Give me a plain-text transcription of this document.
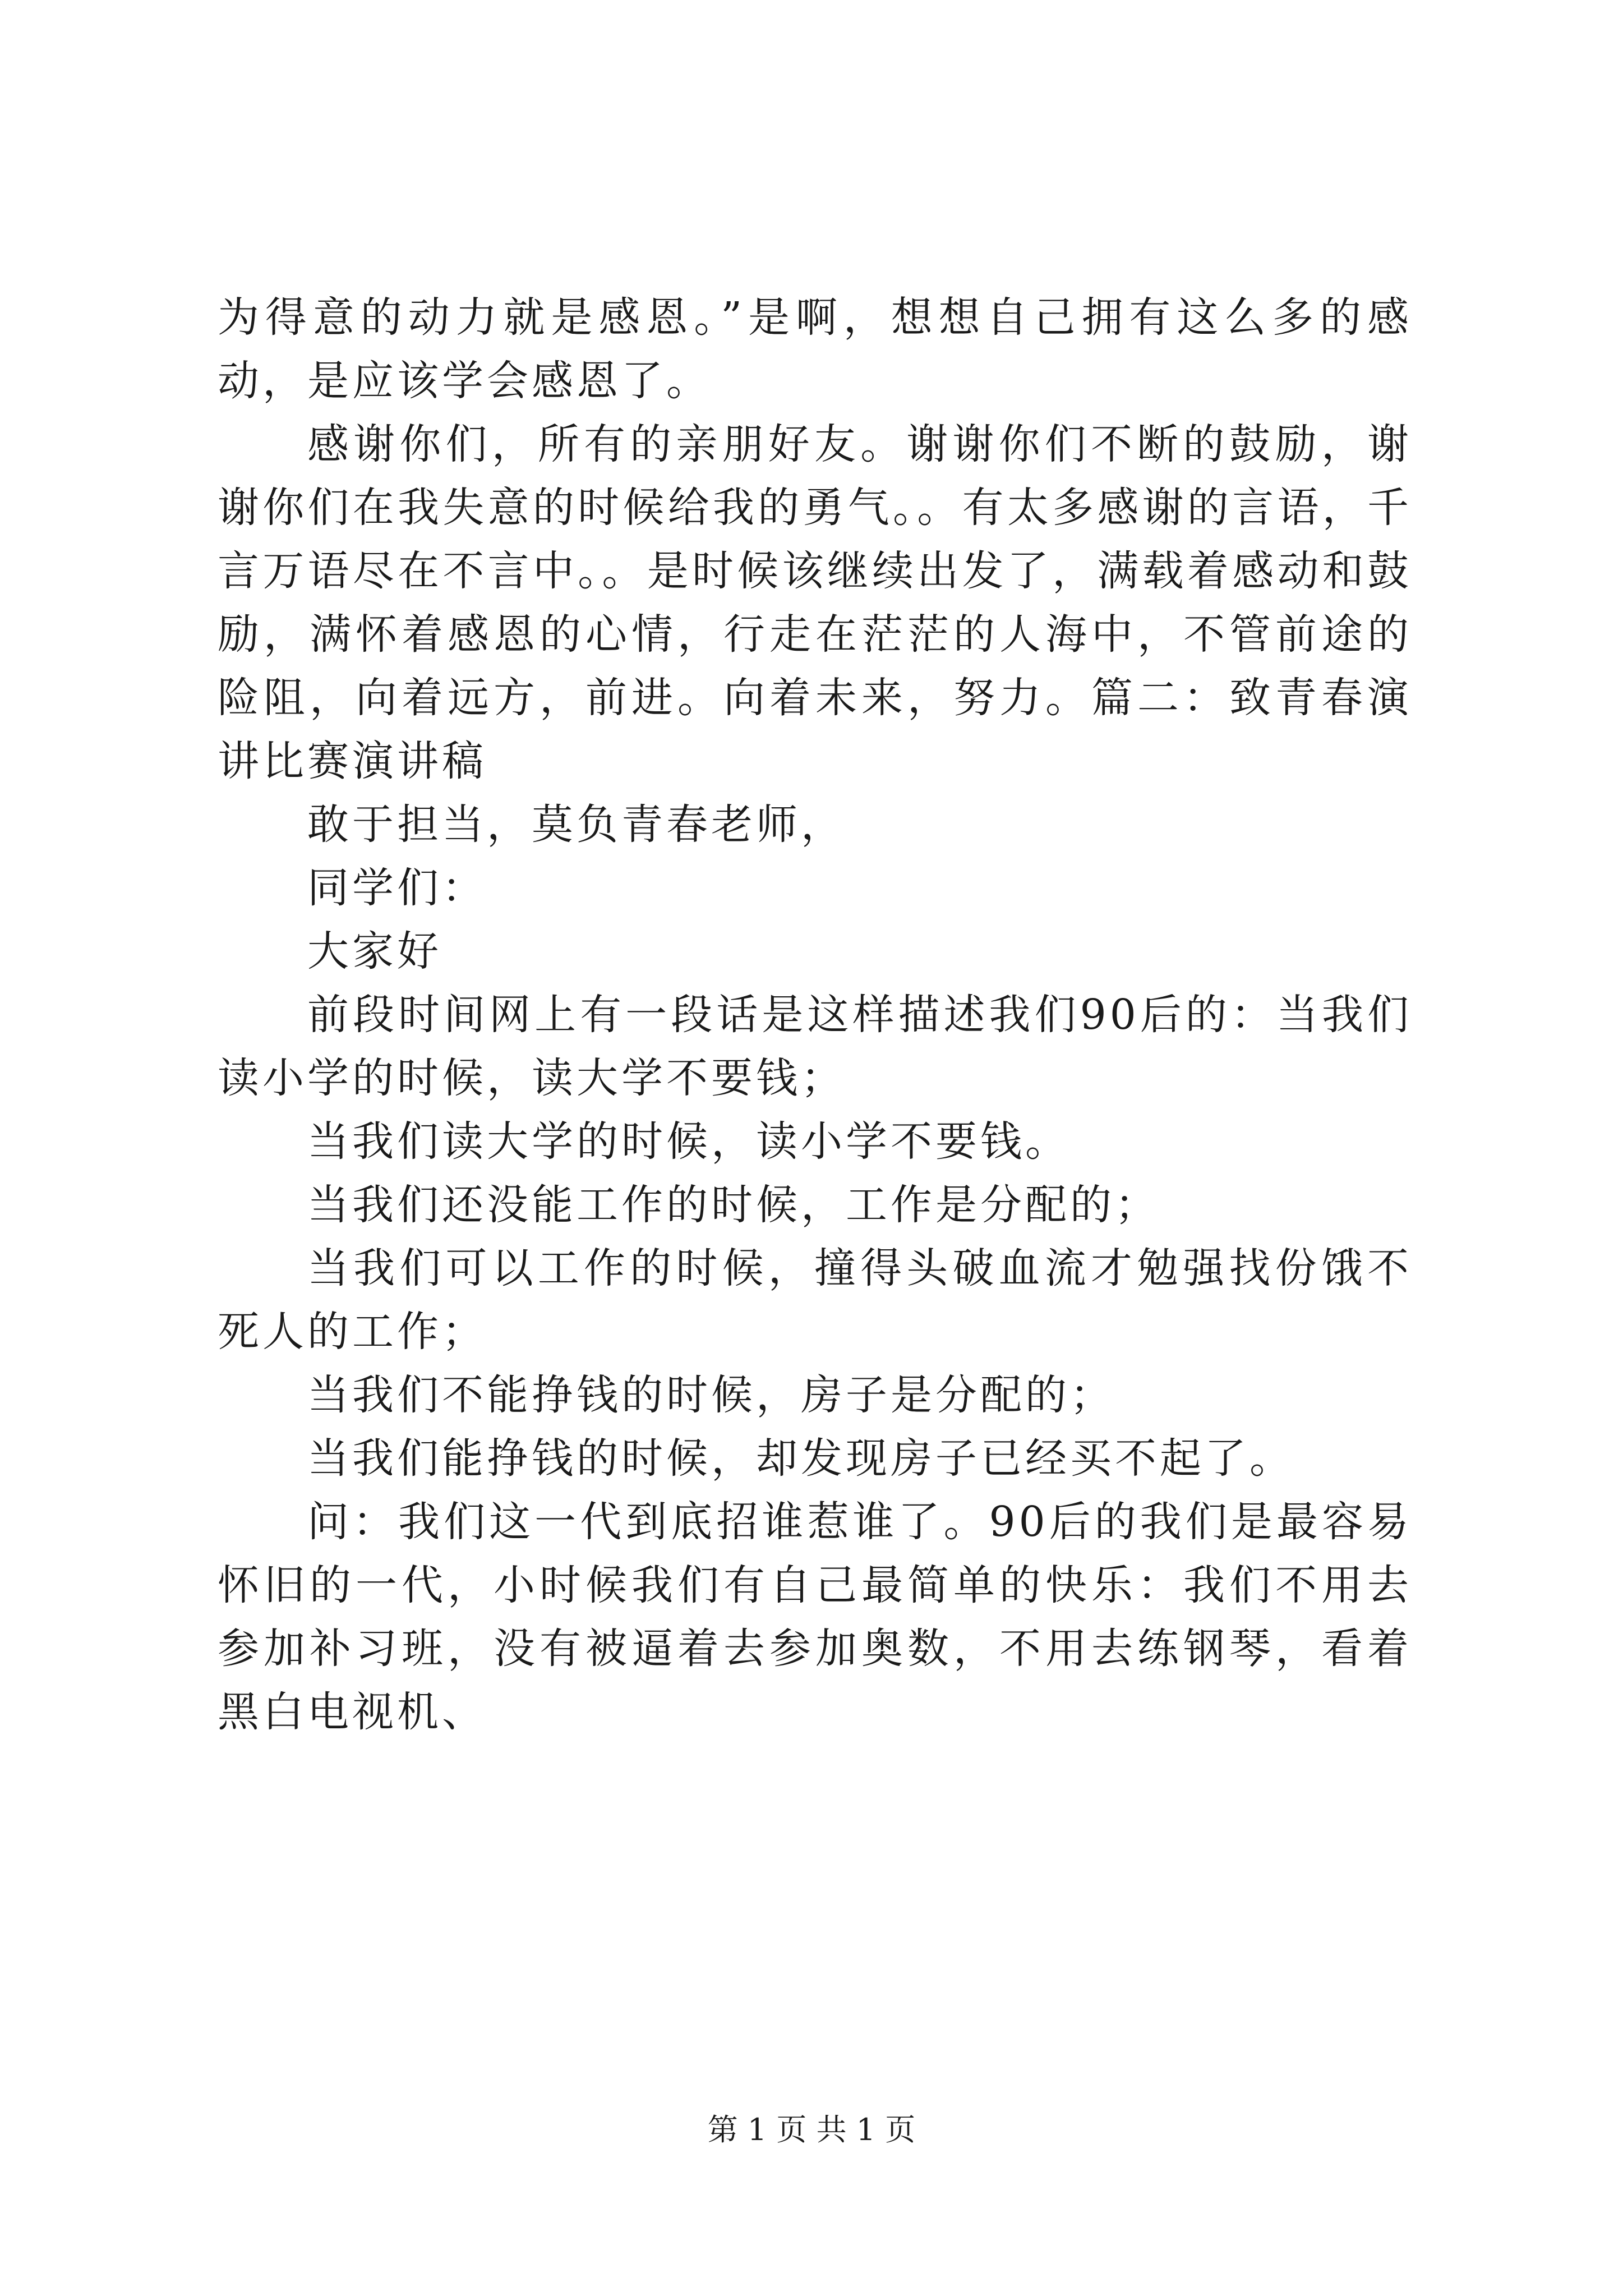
为得意的动力就是感恩。”是啊，想想自己拥有这么多的感动，是应该学会感恩了。

感谢你们，所有的亲朋好友。谢谢你们不断的鼓励，谢谢你们在我失意的时候给我的勇气。。有太多感谢的言语，千言万语尽在不言中。。是时候该继续出发了，满载着感动和鼓励，满怀着感恩的心情，行走在茫茫的人海中，不管前途的险阻，向着远方，前进。向着未来，努力。篇二：致青春演讲比赛演讲稿

敢于担当，莫负青春老师，

同学们：

大家好

前段时间网上有一段话是这样描述我们90后的：当我们读小学的时候，读大学不要钱；

当我们读大学的时候，读小学不要钱。

当我们还没能工作的时候，工作是分配的；

当我们可以工作的时候，撞得头破血流才勉强找份饿不死人的工作；

当我们不能挣钱的时候，房子是分配的；

当我们能挣钱的时候，却发现房子已经买不起了。

问：我们这一代到底招谁惹谁了。90后的我们是最容易怀旧的一代，小时候我们有自己最简单的快乐：我们不用去参加补习班，没有被逼着去参加奥数，不用去练钢琴，看着黑白电视机、

第 1 页 共 1 页
